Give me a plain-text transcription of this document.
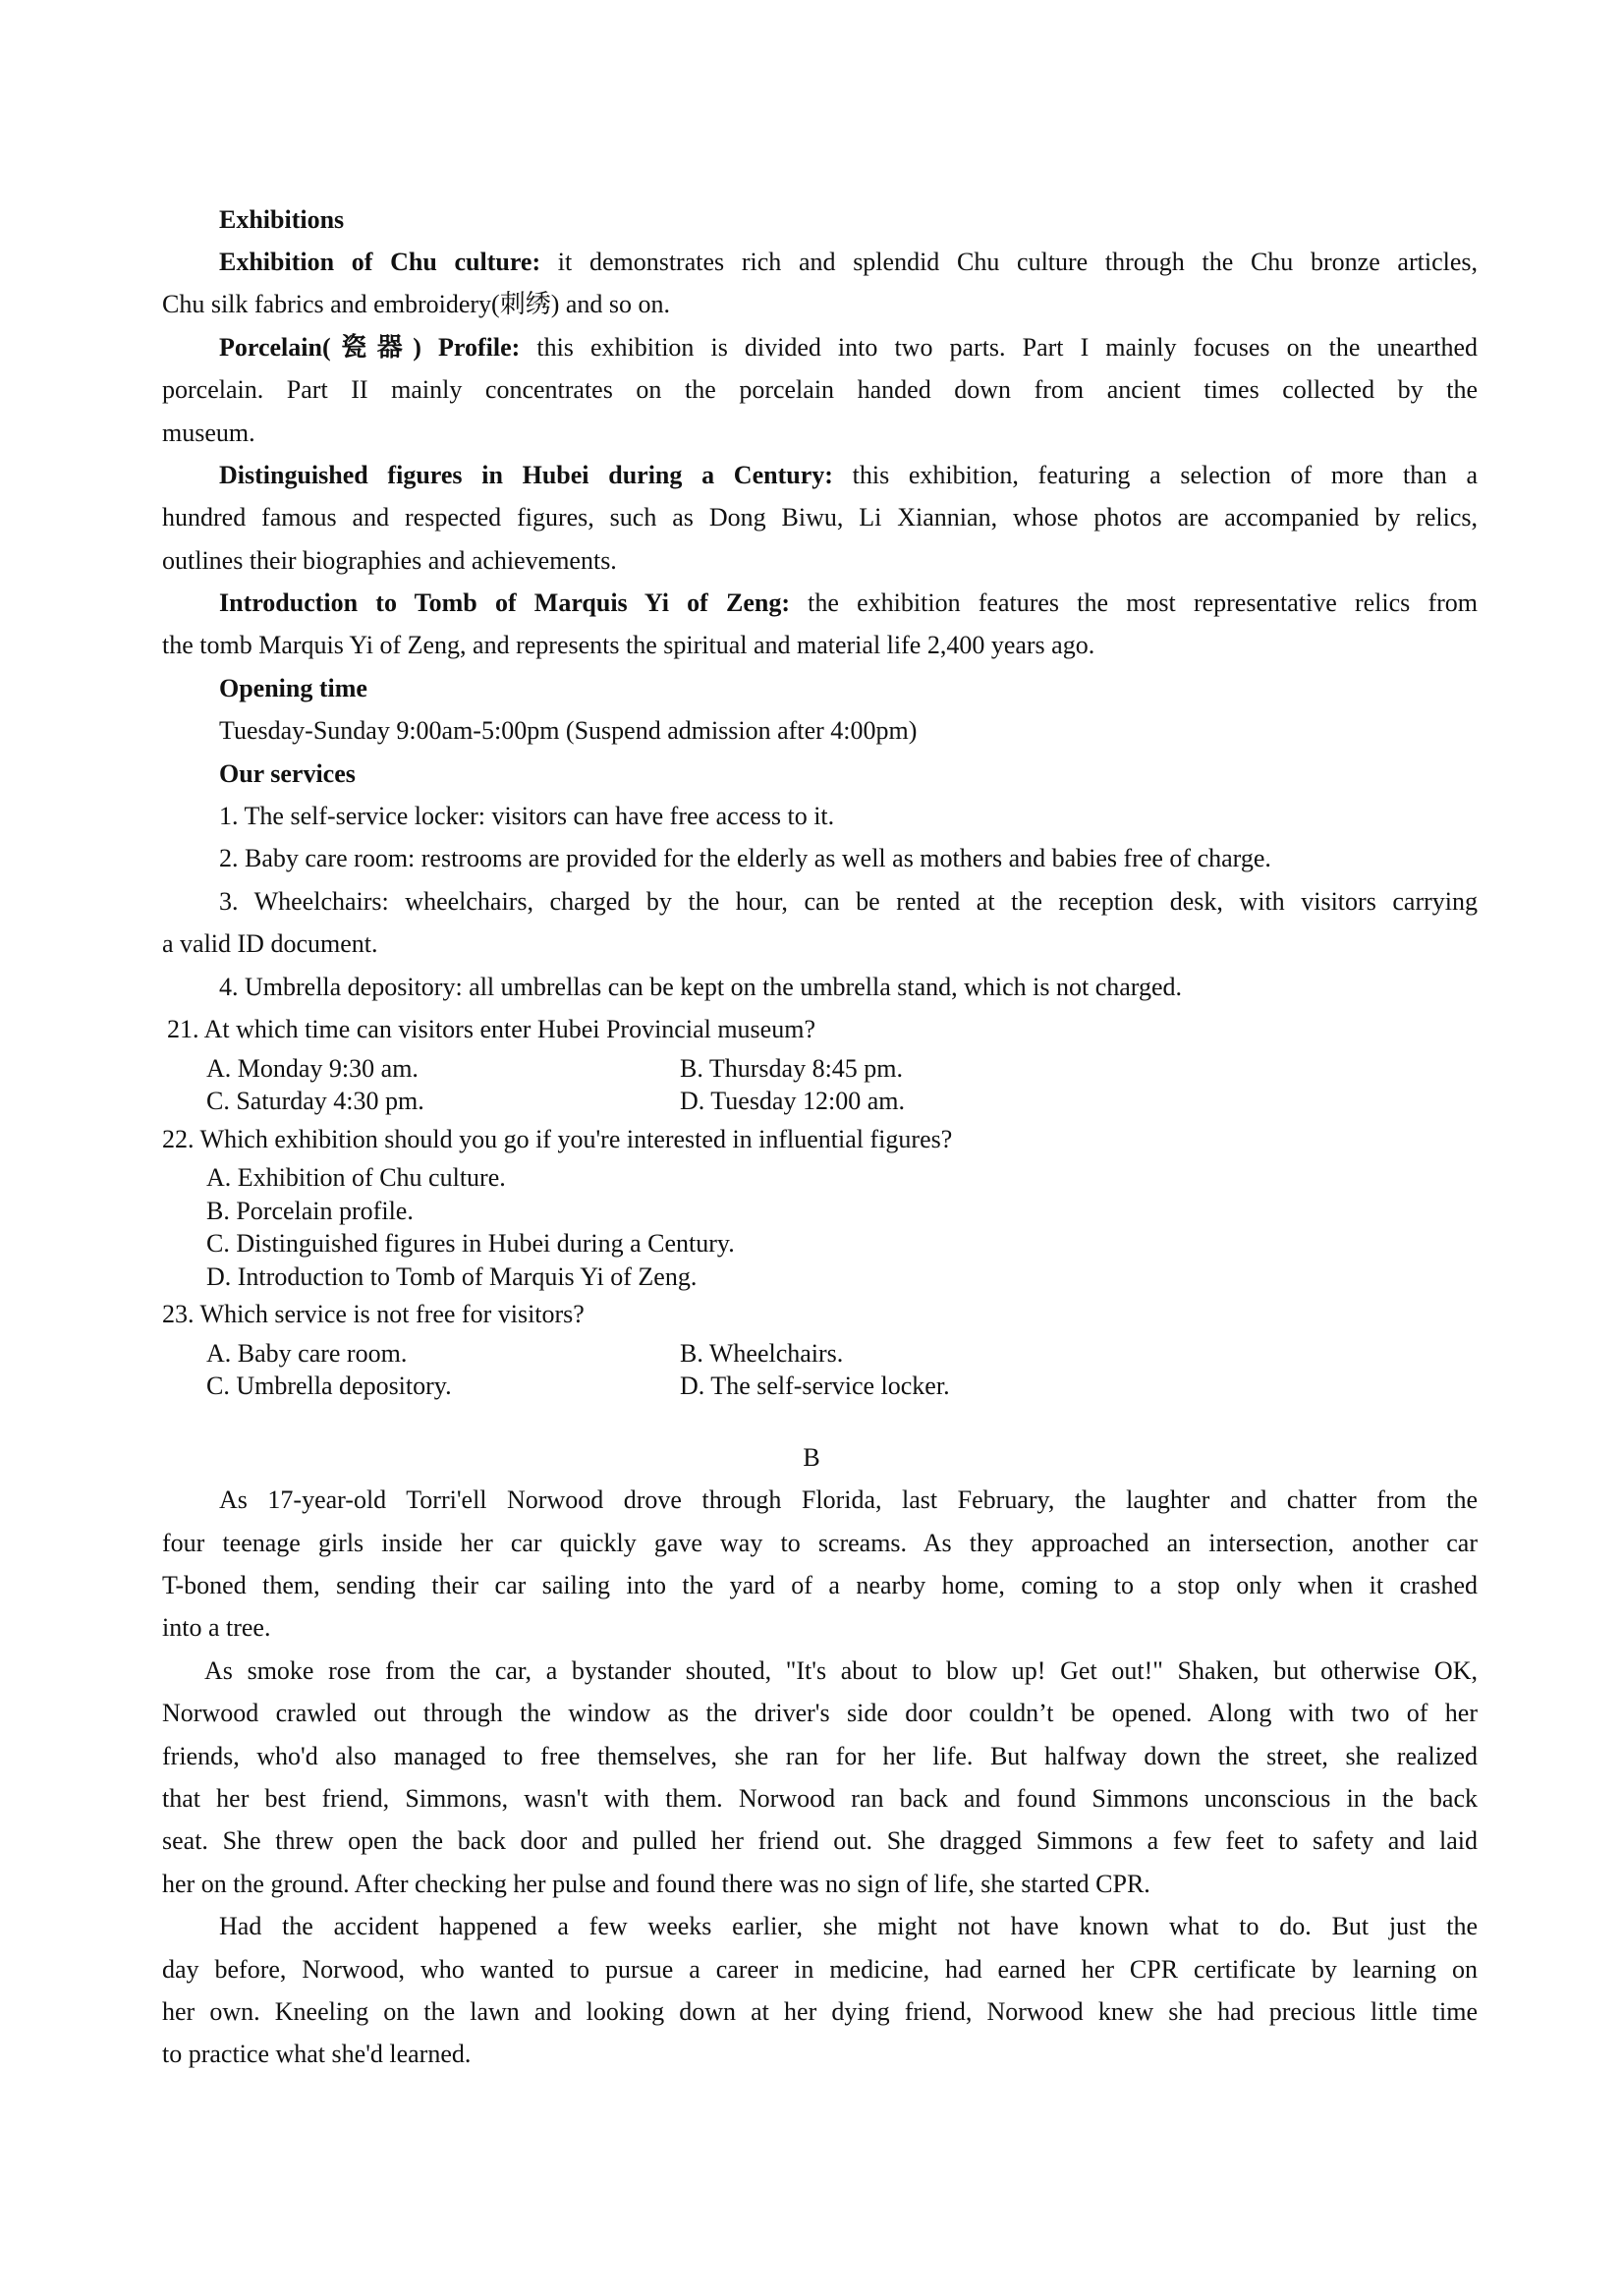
Exhibitions
Exhibition of Chu culture: it demonstrates rich and splendid Chu culture through the Chu bronze articles,
Chu silk fabrics and embroidery(刺绣) and so on.
Porcelain(瓷器) Profile: this exhibition is divided into two parts. Part I mainly focuses on the unearthed
porcelain. Part II mainly concentrates on the porcelain handed down from ancient times collected by the
museum.
Distinguished figures in Hubei during a Century: this exhibition, featuring a selection of more than a
hundred famous and respected figures, such as Dong Biwu, Li Xiannian, whose photos are accompanied by relics,
outlines their biographies and achievements.
Introduction to Tomb of Marquis Yi of Zeng: the exhibition features the most representative relics from
the tomb Marquis Yi of Zeng, and represents the spiritual and material life 2,400 years ago.
Opening time
Tuesday-Sunday 9:00am-5:00pm (Suspend admission after 4:00pm)
Our services
1. The self-service locker: visitors can have free access to it.
2. Baby care room: restrooms are provided for the elderly as well as mothers and babies free of charge.
3. Wheelchairs: wheelchairs, charged by the hour, can be rented at the reception desk, with visitors carrying
a valid ID document.
4. Umbrella depository: all umbrellas can be kept on the umbrella stand, which is not charged.
21. At which time can visitors enter Hubei Provincial museum?
A. Monday 9:30 am.	B. Thursday 8:45 pm.
C. Saturday 4:30 pm.	D. Tuesday 12:00 am.
22. Which exhibition should you go if you're interested in influential figures?
A. Exhibition of Chu culture.
B. Porcelain profile.
C. Distinguished figures in Hubei during a Century.
D. Introduction to Tomb of Marquis Yi of Zeng.
23. Which service is not free for visitors?
A. Baby care room.	B. Wheelchairs.
C. Umbrella depository.	D. The self-service locker.
B
As 17-year-old Torri'ell Norwood drove through Florida, last February, the laughter and chatter from the
four teenage girls inside her car quickly gave way to screams. As they approached an intersection, another car
T-boned them, sending their car sailing into the yard of a nearby home, coming to a stop only when it crashed
into a tree.
As smoke rose from the car, a bystander shouted, "It's about to blow up! Get out!" Shaken, but otherwise OK,
Norwood crawled out through the window as the driver's side door couldn’t be opened. Along with two of her
friends, who'd also managed to free themselves, she ran for her life. But halfway down the street, she realized
that her best friend, Simmons, wasn't with them. Norwood ran back and found Simmons unconscious in the back
seat. She threw open the back door and pulled her friend out. She dragged Simmons a few feet to safety and laid
her on the ground. After checking her pulse and found there was no sign of life, she started CPR.
Had the accident happened a few weeks earlier, she might not have known what to do. But just the
day before, Norwood, who wanted to pursue a career in medicine, had earned her CPR certificate by learning on
her own. Kneeling on the lawn and looking down at her dying friend, Norwood knew she had precious little time
to practice what she'd learned.
